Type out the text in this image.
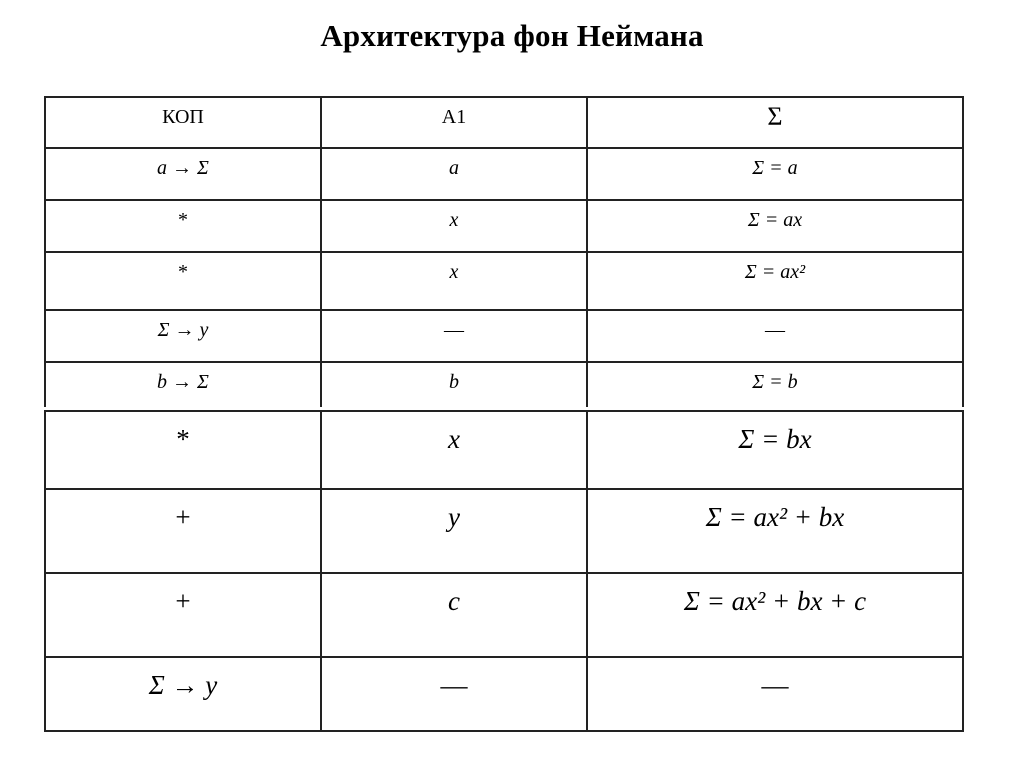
Архитектура фон Неймана
КОП	А1	Σ
a → Σ	a	Σ = a
*	x	Σ = ax
*	x	Σ = ax²
Σ → y	—	—
b → Σ	b	Σ = b
*	x	Σ = bx
+	y	Σ = ax² + bx
+	c	Σ = ax² + bx + c
Σ → y	—	—
